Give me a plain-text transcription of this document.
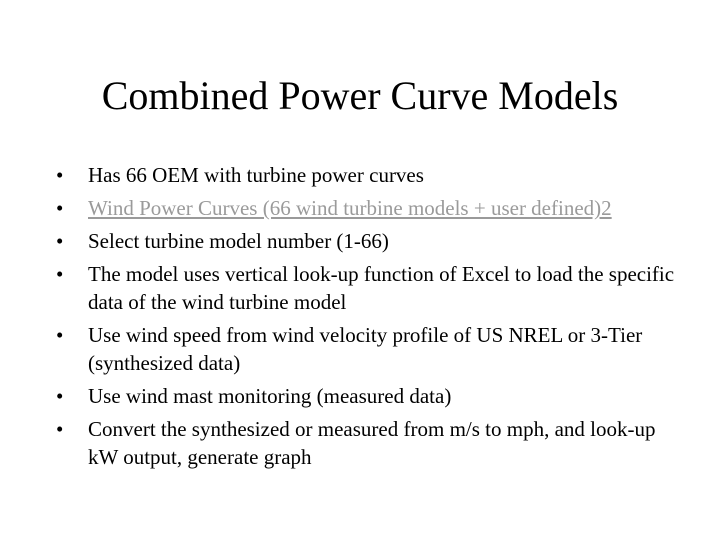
Combined Power Curve Models
•	Has 66 OEM with turbine power curves
•	Wind Power Curves (66 wind turbine models + user defined)2
•	Select turbine model number (1-66)
•	The model uses vertical look-up function of Excel to load the specific data of the wind turbine model
•	Use wind speed from wind velocity profile of US NREL or 3-Tier (synthesized data)
•	Use wind mast monitoring (measured data)
•	Convert the synthesized or measured from m/s to mph, and look-up kW output, generate graph
